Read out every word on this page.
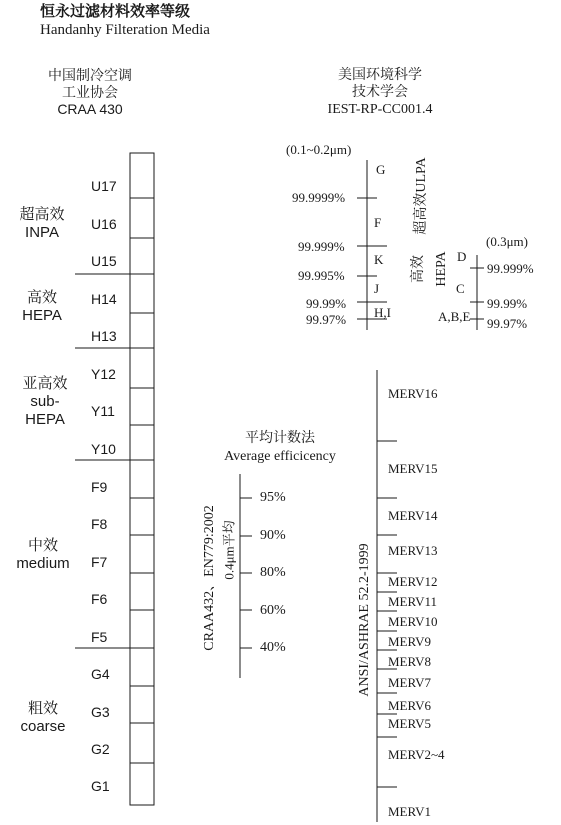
恒永过滤材料效率等级
Handanhy Filteration Media
中国制冷空调
工业协会
CRAA 430
U17
U16
U15
H14
H13
Y12
Y11
Y10
F9
F8
F7
F6
F5
G4
G3
G2
G1
超高效
INPA
高效
HEPA
亚高效
sub-
HEPA
中效
medium
粗效
coarse
美国环境科学
技术学会
IEST-RP-CC001.4
(0.1~0.2μm)
G
F
K
J
H,I
99.9999%
99.999%
99.995%
99.99%
99.97%
超高效ULPA
高效 HEPA
(0.3μm)
D
C
A,B,E
99.999%
99.99%
99.97%
平均计数法
Average efficicency
CRAA432、EN779:2002 0.4μm平均
95%
90%
80%
60%
40%	ANSI/ASHRAE 52.2-1999
MERV16
MERV15
MERV14
MERV13
MERV12
MERV11
MERV10
MERV9
MERV8
MERV7
MERV6
MERV5
MERV2~4
MERV1
